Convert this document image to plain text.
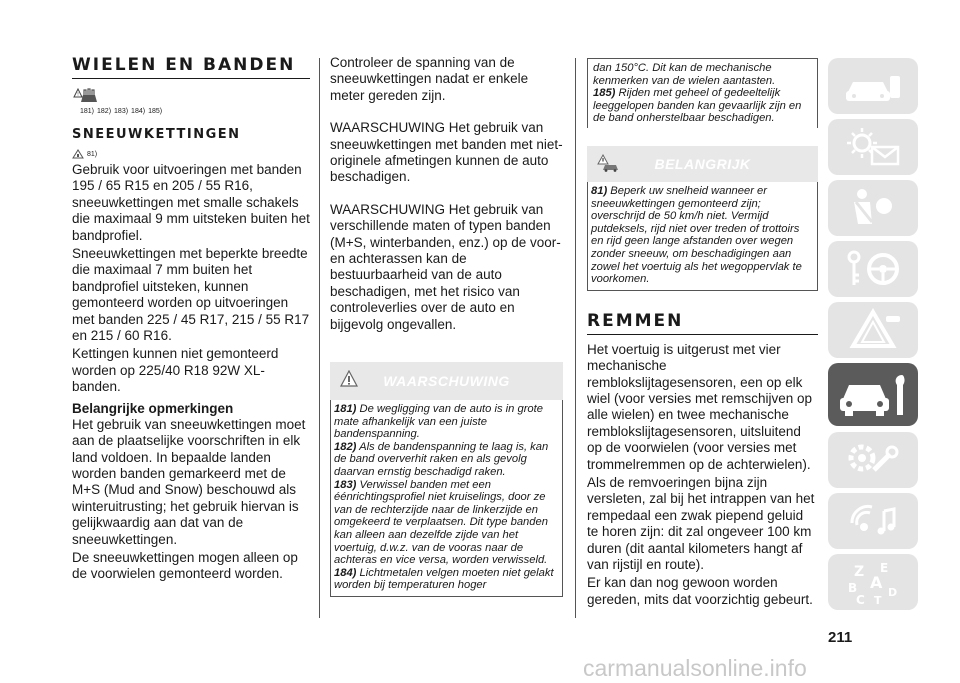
WIELEN EN BANDEN
!
181) 182) 183) 184) 185)
SNEEUWKETTINGEN
81)

Gebruik voor uitvoeringen met banden 195 / 65 R15 en 205 / 55 R16, sneeuwkettingen met smalle schakels die maximaal 9 mm uitsteken buiten het bandprofiel.

Sneeuwkettingen met beperkte breedte die maximaal 7 mm buiten het bandprofiel uitsteken, kunnen gemonteerd worden op uitvoeringen met banden 225 / 45 R17, 215 / 55 R17 en 215 / 60 R16.

Kettingen kunnen niet gemonteerd worden op 225/40 R18 92W XL-banden.

Belangrijke opmerkingen

Het gebruik van sneeuwkettingen moet aan de plaatselijke voorschriften in elk land voldoen. In bepaalde landen worden banden gemarkeerd met de M+S (Mud and Snow) beschouwd als winteruitrusting; het gebruik hiervan is gelijkwaardig aan dat van de sneeuwkettingen.

De sneeuwkettingen mogen alleen op de voorwielen gemonteerd worden.

Controleer de spanning van de sneeuwkettingen nadat er enkele meter gereden zijn.

WAARSCHUWING Het gebruik van sneeuwkettingen met banden met niet-originele afmetingen kunnen de auto beschadigen.

WAARSCHUWING Het gebruik van verschillende maten of typen banden (M+S, winterbanden, enz.) op de voor- en achterassen kan de bestuurbaarheid van de auto beschadigen, met het risico van controleverlies over de auto en bijgevolg ongevallen.

WAARSCHUWING

181) De wegligging van de auto is in grote mate afhankelijk van een juiste bandenspanning.

182) Als de bandenspanning te laag is, kan de band oververhit raken en als gevolg daarvan ernstig beschadigd raken.

183) Verwissel banden met een éénrichtingsprofiel niet kruiselings, door ze van de rechterzijde naar de linkerzijde en omgekeerd te verplaatsen. Dit type banden kan alleen aan dezelfde zijde van het voertuig, d.w.z. van de vooras naar de achteras en vice versa, worden verwisseld.

184) Lichtmetalen velgen moeten niet gelakt worden bij temperaturen hoger

dan 150°C. Dit kan de mechanische kenmerken van de wielen aantasten.

185) Rijden met geheel of gedeeltelijk leeggelopen banden kan gevaarlijk zijn en de band onherstelbaar beschadigen.

BELANGRIJK

81) Beperk uw snelheid wanneer er sneeuwkettingen gemonteerd zijn; overschrijd de 50 km/h niet. Vermijd putdeksels, rijd niet over treden of trottoirs en rijd geen lange afstanden over wegen zonder sneeuw, om beschadigingen aan zowel het voertuig als het wegoppervlak te voorkomen.

REMMEN

Het voertuig is uitgerust met vier mechanische remblokslijtagesensoren, een op elk wiel (voor versies met remschijven op alle wielen) en twee mechanische remblokslijtagesensoren, uitsluitend op de voorwielen (voor versies met trommelremmen op de achterwielen).

Als de remvoeringen bijna zijn versleten, zal bij het intrappen van het rempedaal een zwak piepend geluid te horen zijn: dit zal ongeveer 100 km duren (dit aantal kilometers hangt af van rijstijl en route).

Er kan dan nog gewoon worden gereden, mits dat voorzichtig gebeurt.

Z E
B A
C T
D
211
carmanualsonline.info
